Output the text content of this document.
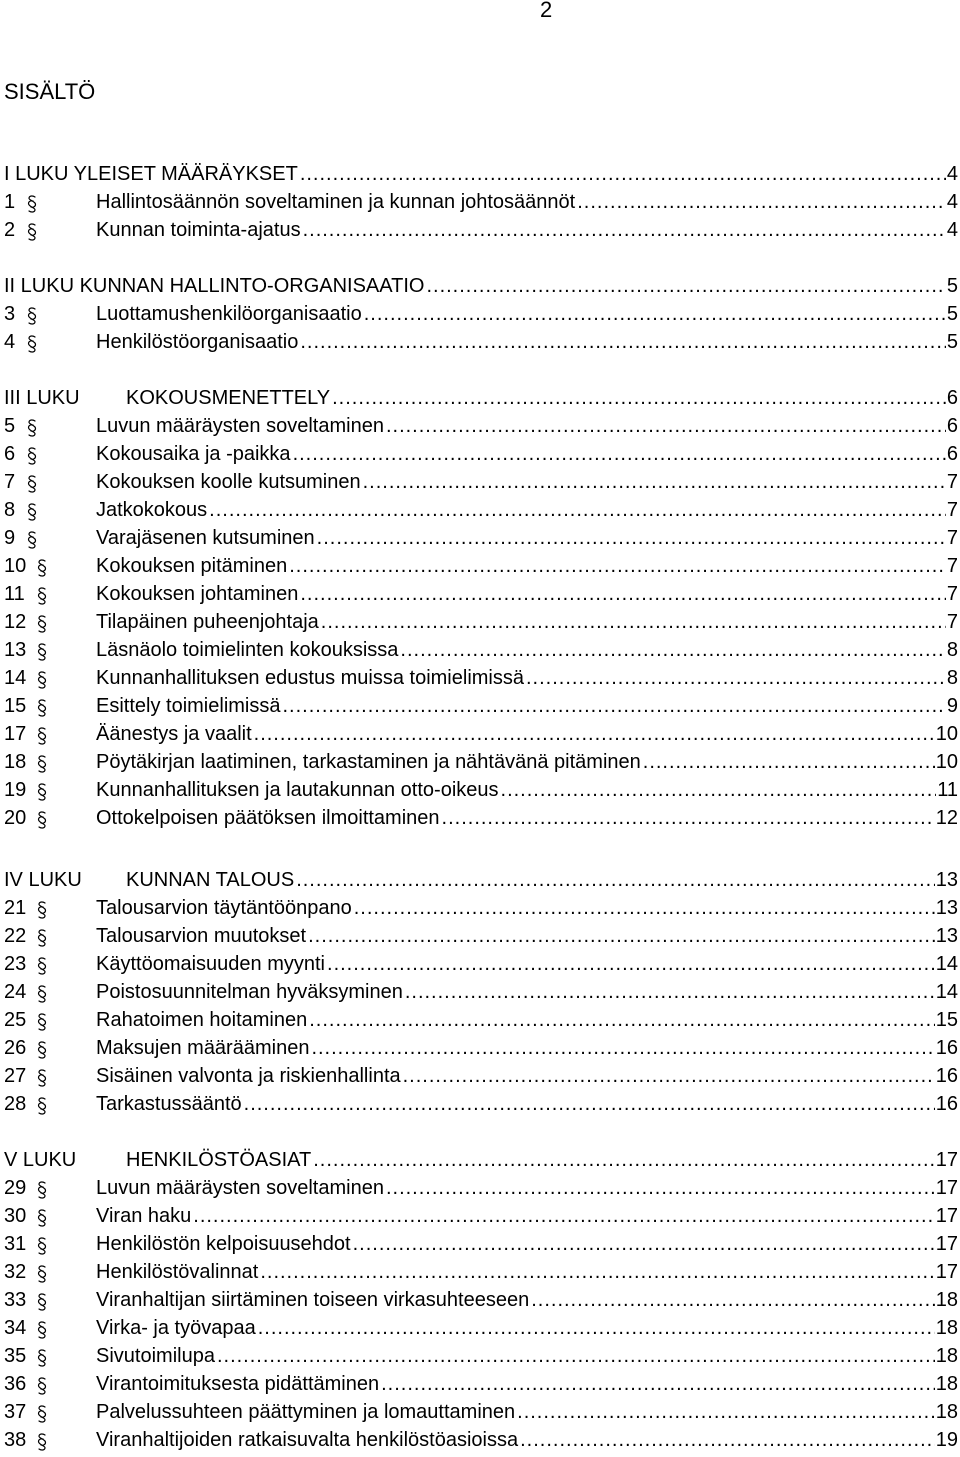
2
SISÄLTÖ
I LUKU YLEISET MÄÄRÄYKSET .....	4
1	Hallintosäännön soveltaminen ja kunnan johtosäännöt .....	4
2	Kunnan toiminta-ajatus .....	4
II LUKU KUNNAN HALLINTO-ORGANISAATIO .....	5
3	Luottamushenkilöorganisaatio .....	5
4	Henkilöstöorganisaatio .....	5
III LUKU KOKOUSMENETTELY .....	6
5	Luvun määräysten soveltaminen .....	6
6	Kokousaika ja -paikka .....	6
7	Kokouksen koolle kutsuminen .....	7
8	Jatkokokous .....	7
9	Varajäsenen kutsuminen .....	7
10	Kokouksen pitäminen .....	7
11	Kokouksen johtaminen .....	7
12	Tilapäinen puheenjohtaja .....	7
13	Läsnäolo toimielinten kokouksissa .....	8
14	Kunnanhallituksen edustus muissa toimielimissä .....	8
15	Esittely toimielimissä .....	9
17	Äänestys ja vaalit .....	10
18	Pöytäkirjan laatiminen, tarkastaminen ja nähtävänä pitäminen .....	10
19	Kunnanhallituksen ja lautakunnan otto-oikeus .....	11
20	Ottokelpoisen päätöksen ilmoittaminen .....	12
IV LUKU KUNNAN TALOUS .....	13
21	Talousarvion täytäntöönpano .....	13
22	Talousarvion muutokset .....	13
23	Käyttöomaisuuden myynti .....	14
24	Poistosuunnitelman hyväksyminen .....	14
25	Rahatoimen hoitaminen .....	15
26	Maksujen määrääminen .....	16
27	Sisäinen valvonta ja riskienhallinta .....	16
28	Tarkastussääntö .....	16
V LUKU HENKILÖSTÖASIAT .....	17
29	Luvun määräysten soveltaminen .....	17
30	Viran haku .....	17
31	Henkilöstön kelpoisuusehdot .....	17
32	Henkilöstövalinnat .....	17
33	Viranhaltijan siirtäminen toiseen virkasuhteeseen .....	18
34	Virka- ja työvapaa .....	18
35	Sivutoimilupa .....	18
36	Virantoimituksesta pidättäminen .....	18
37	Palvelussuhteen päättyminen ja lomauttaminen .....	18
38	Viranhaltijoiden ratkaisuvalta henkilöstöasioissa .....	19
